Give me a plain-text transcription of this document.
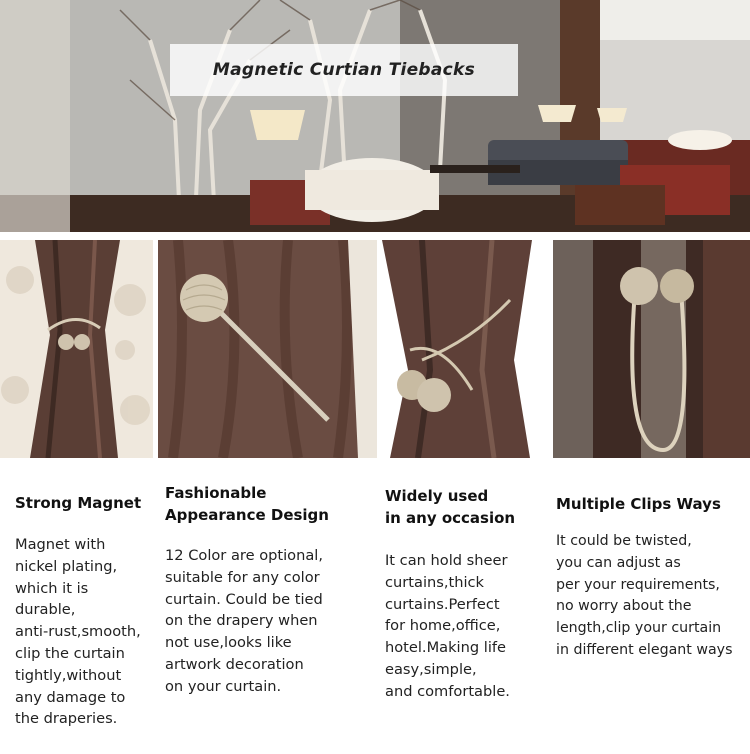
Magnetic Curtian Tiebacks
Strong Magnet
Magnet with
nickel plating,
which it is
durable,
anti-rust,smooth,
clip the curtain
tightly,without
any damage to
the draperies.
Fashionable
Appearance Design
12 Color are optional,
suitable for any color
curtain. Could be tied
on the drapery when
not use,looks like
artwork decoration
on your curtain.
Widely used
in any occasion
It can hold sheer
curtains,thick
curtains.Perfect
for home,office,
hotel.Making life
easy,simple,
and comfortable.
Multiple Clips Ways
It could be twisted,
you can adjust as
per your requirements,
no worry about the
length,clip your curtain
in different elegant ways
